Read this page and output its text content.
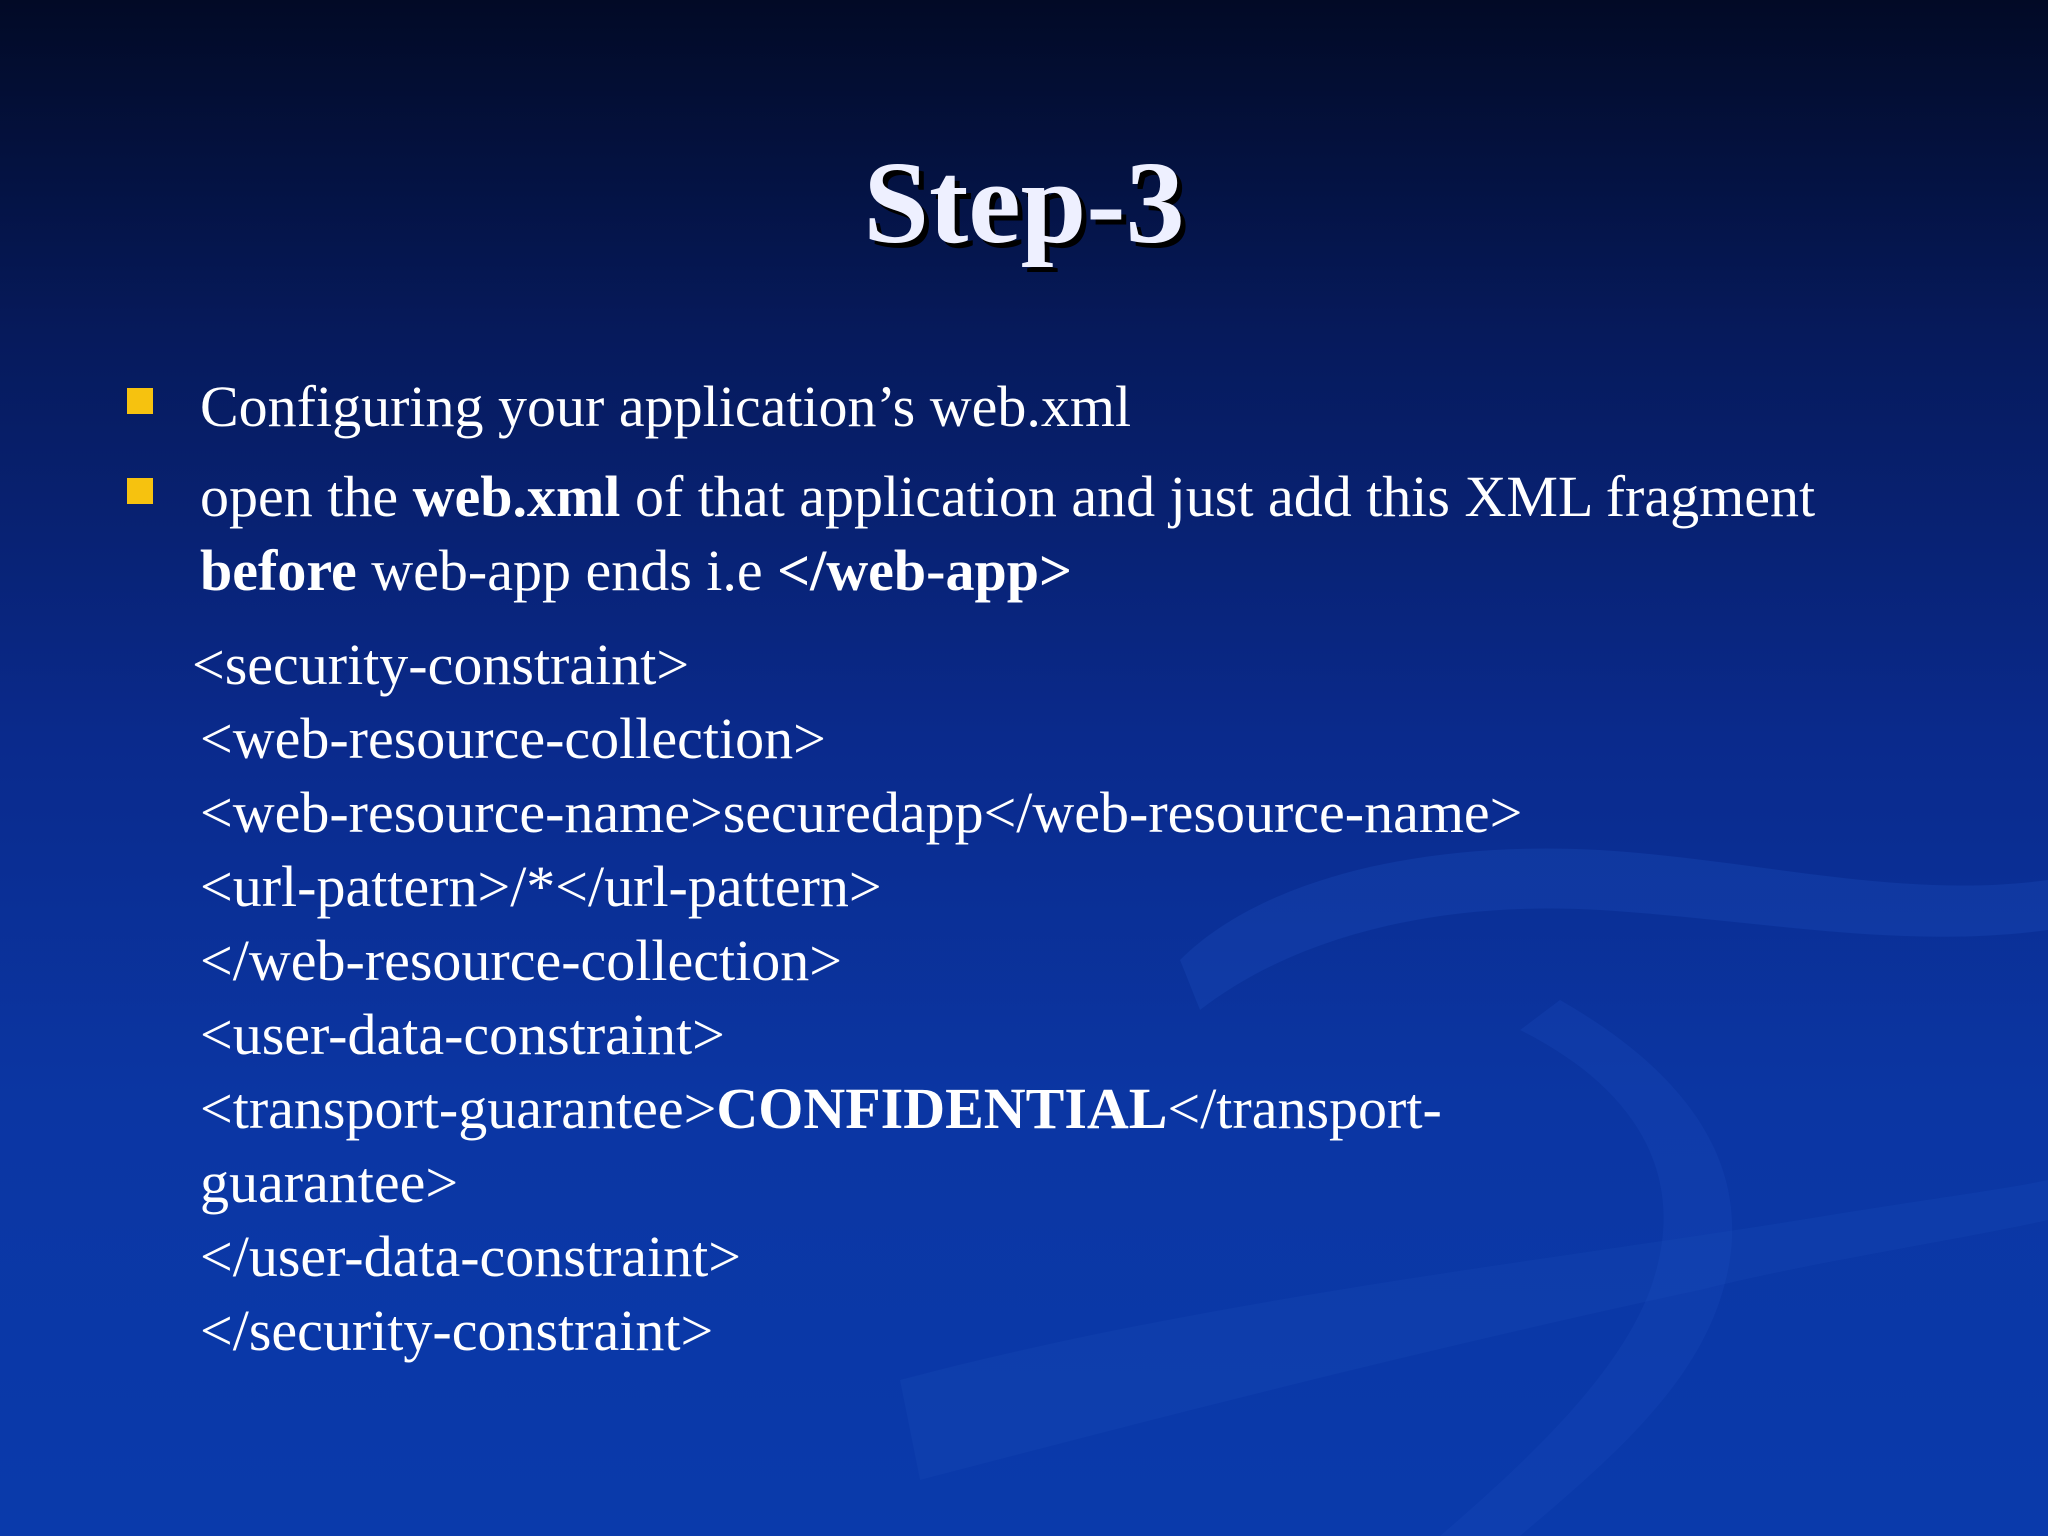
Step-3
Configuring your application’s web.xml
open the web.xml of that application and just add this XML fragment before web-app ends i.e </web-app>
<security-constraint>
<web-resource-collection>
<web-resource-name>securedapp</web-resource-name>
<url-pattern>/*</url-pattern>
</web-resource-collection>
<user-data-constraint>
<transport-guarantee>CONFIDENTIAL</transport-
guarantee>
</user-data-constraint>
</security-constraint>
